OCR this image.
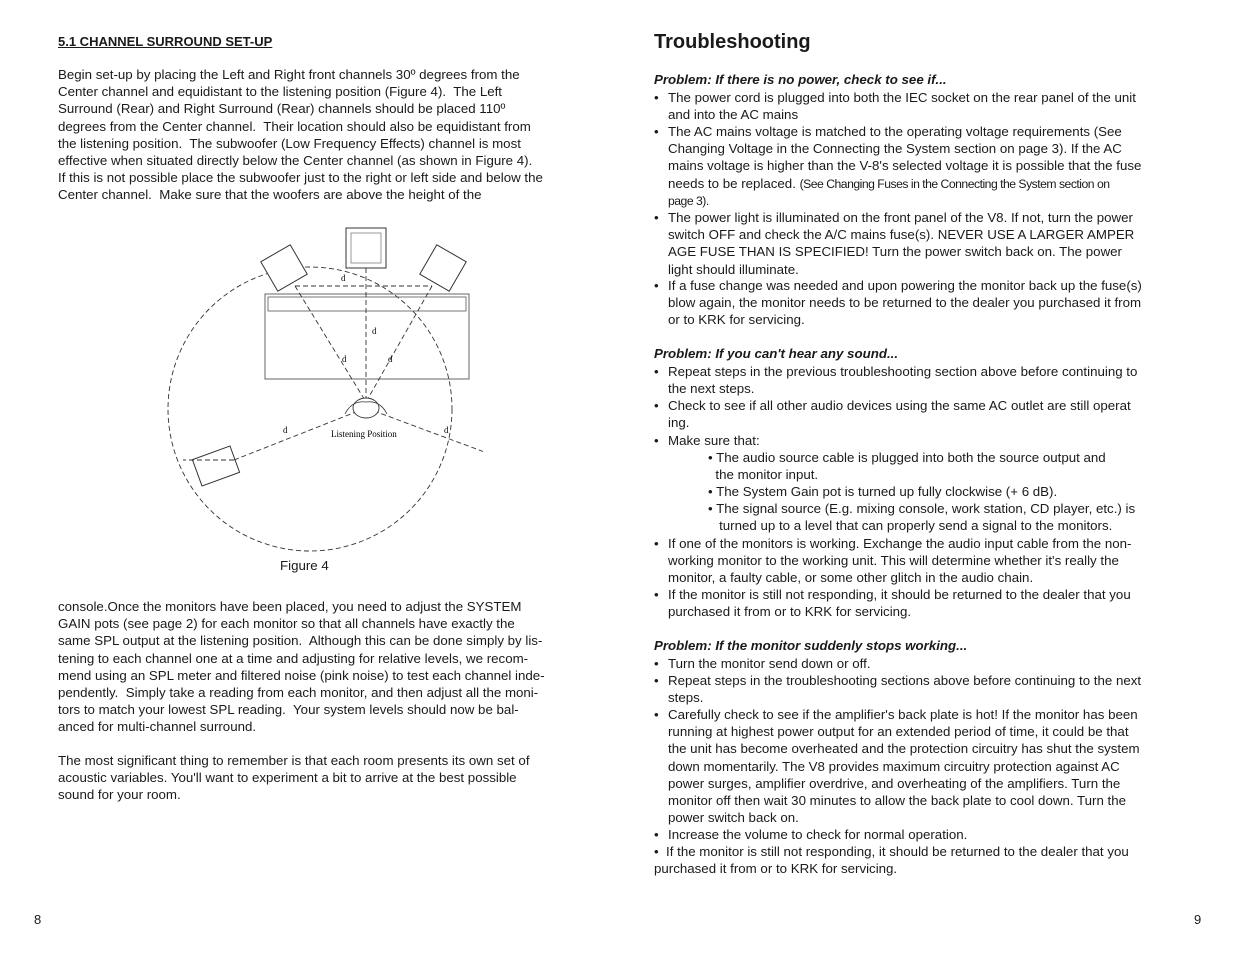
5.1 CHANNEL SURROUND SET-UP
Begin set-up by placing the Left and Right front channels 30º degrees from the
Center channel and equidistant to the listening position (Figure 4).  The Left
Surround (Rear) and Right Surround (Rear) channels should be placed 110º
degrees from the Center channel.  Their location should also be equidistant from
the listening position.  The subwoofer (Low Frequency Effects) channel is most
effective when situated directly below the Center channel (as shown in Figure 4).
If this is not possible place the subwoofer just to the right or left side and below the
Center channel.  Make sure that the woofers are above the height of the
d
d
d	d
d	d
Listening Position
Figure 4
console.Once the monitors have been placed, you need to adjust the SYSTEM
GAIN pots (see page 2) for each monitor so that all channels have exactly the
same SPL output at the listening position.  Although this can be done simply by lis-
tening to each channel one at a time and adjusting for relative levels, we recom-
mend using an SPL meter and filtered noise (pink noise) to test each channel inde-
pendently.  Simply take a reading from each monitor, and then adjust all the moni-
tors to match your lowest SPL reading.  Your system levels should now be bal-
anced for multi-channel surround.
The most significant thing to remember is that each room presents its own set of
acoustic variables. You'll want to experiment a bit to arrive at the best possible
sound for your room.
8
Troubleshooting
Problem: If there is no power, check to see if...
• The power cord is plugged into both the IEC socket on the rear panel of the unit
and into the AC mains
• The AC mains voltage is matched to the operating voltage requirements (See
Changing Voltage in the Connecting the System section on page 3). If the AC
mains voltage is higher than the V-8's selected voltage it is possible that the fuse
needs to be replaced. (See Changing Fuses in the Connecting the System section on
page 3).
• The power light is illuminated on the front panel of the V8. If not, turn the power
switch OFF and check the A/C mains fuse(s). NEVER USE A LARGER AMPER
AGE FUSE THAN IS SPECIFIED! Turn the power switch back on. The power
light should illuminate.
• If a fuse change was needed and upon powering the monitor back up the fuse(s)
blow again, the monitor needs to be returned to the dealer you purchased it from
or to KRK for servicing.
Problem: If you can't hear any sound...
• Repeat steps in the previous troubleshooting section above before continuing to
the next steps.
• Check to see if all other audio devices using the same AC outlet are still operat
ing.
• Make sure that:
• The audio source cable is plugged into both the source output and
the monitor input.
• The System Gain pot is turned up fully clockwise (+ 6 dB).
• The signal source (E.g. mixing console, work station, CD player, etc.) is
turned up to a level that can properly send a signal to the monitors.
• If one of the monitors is working. Exchange the audio input cable from the non-
working monitor to the working unit. This will determine whether it's really the
monitor, a faulty cable, or some other glitch in the audio chain.
• If the monitor is still not responding, it should be returned to the dealer that you
purchased it from or to KRK for servicing.
Problem: If the monitor suddenly stops working...
• Turn the monitor send down or off.
• Repeat steps in the troubleshooting sections above before continuing to the next
steps.
• Carefully check to see if the amplifier's back plate is hot! If the monitor has been
running at highest power output for an extended period of time, it could be that
the unit has become overheated and the protection circuitry has shut the system
down momentarily. The V8 provides maximum circuitry protection against AC
power surges, amplifier overdrive, and overheating of the amplifiers. Turn the
monitor off then wait 30 minutes to allow the back plate to cool down. Turn the
power switch back on.
• Increase the volume to check for normal operation.
•  If the monitor is still not responding, it should be returned to the dealer that you
purchased it from or to KRK for servicing.
9
